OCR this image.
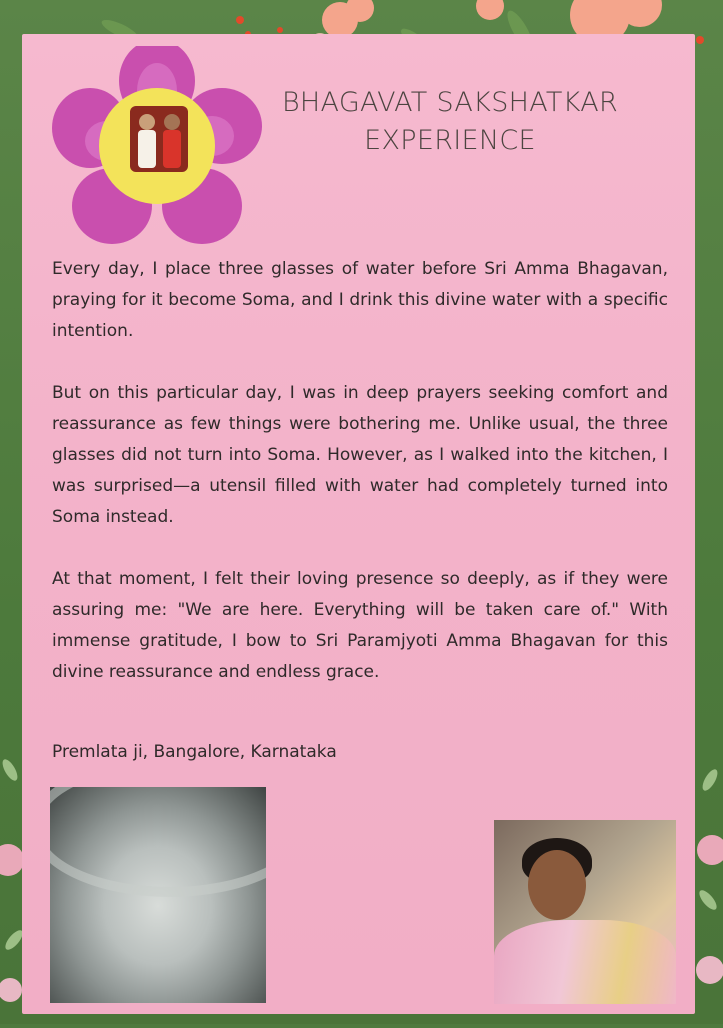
BHAGAVAT SAKSHATKAR
EXPERIENCE

Every day, I place three glasses of water before Sri Amma Bhagavan, praying for it become Soma, and I drink this divine water with a specific intention.

But on this particular day, I was in deep prayers seeking comfort and reassurance as few things were bothering me. Unlike usual, the three glasses did not turn into Soma. However, as I walked into the kitchen, I was surprised—a utensil filled with water had completely turned into Soma instead.

At that moment, I felt their loving presence so deeply, as if they were assuring me: "We are here. Everything will be taken care of." With immense gratitude, I bow to Sri Paramjyoti Amma Bhagavan for this divine reassurance and endless grace.

Premlata ji, Bangalore, Karnataka
